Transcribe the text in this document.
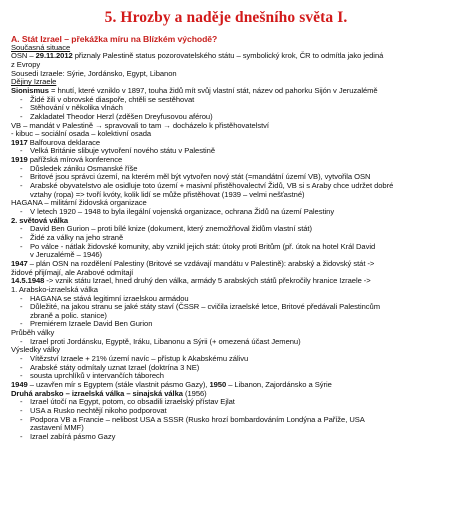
5. Hrozby a naděje dnešního světa I.
A. Stát Izrael – překážka míru na Blízkém východě?
Současná situace
OSN – 29.11.2012 přiznaly Palestině status pozorovatelského státu – symbolický krok, ČR to odmítla jako jediná
z Evropy
Sousedi Izraele: Sýrie, Jordánsko, Egypt, Libanon
Dějiny Izraele
Sionismus = hnutí, které vzniklo v 1897, touha židů mít svůj vlastní stát, název od pahorku Sijón v Jeruzalémě
- Židé žili v obrovské diaspoře, chtěli se sestěhovat
- Stěhování v několika vlnách
- Zakladatel Theodor Herzl (zděšen Dreyfusovou aférou)
VB – mandát v Palestině → spravovali to tam → docházelo k přistěhovatelství
- kibuc – sociální osada – kolektivní osada
1917 Balfourova deklarace
- Velká Británie slibuje vytvoření nového státu v Palestině
1919 pařížská mírová konference
- Důsledek zániku Osmanské říše
- Britové jsou správci území, na kterém měl být vytvořen nový stát (=mandátní území VB), vytvořila OSN
- Arabské obyvatelstvo ale osidluje toto území + masivní přistěhovalectví Židů, VB si s Araby chce udržet dobré
vztahy (ropa) => tvoří kvóty, kolik lidí se může přistěhovat (1939 – velmi nešťastné)
HAGANA – militární židovská organizace
- V letech 1920 – 1948 to byla ilegální vojenská organizace, ochrana Židů na území Palestiny
2. světová válka
- David Ben Gurion – proti bílé knize (dokument, který znemožňoval židům vlastní stát)
- Židé za války na jeho straně
- Po válce - nátlak židovské komunity, aby vznikl jejich stát: útoky proti Britům (př. útok na hotel Král David
v Jeruzalémě – 1946)
1947 – plán OSN na rozdělení Palestiny (Britové se vzdávají mandátu v Palestině): arabský a židovský stát ->
židové přijímají, ale Arabové odmítají
14.5.1948 -> vznik státu Izrael, hned druhý den válka, armády 5 arabských států překročily hranice Izraele ->
1. Arabsko-izraelská válka
- HAGANA se stává legitimní izraelskou armádou
- Důležité, na jakou stranu se jaké státy staví (ČSSR – cvičila izraelské letce, Britové předávali Palestincům
zbraně a polic. stanice)
- Premiérem Izraele David Ben Gurion
Průběh války
- Izrael proti Jordánsku, Egyptě, Iráku, Libanonu a Sýrii (+ omezená účast Jemenu)
Výsledky války
- Vítězství Izraele + 21% území navíc – přístup k Akabskému zálivu
- Arabské státy odmítaly uznat Izrael (doktrína 3 NE)
- sousta uprchlíků v intervančích táborech
1949 – uzavřen mír s Egyptem (stále vlastnit pásmo Gazy), 1950 – Libanon, Zajordánsko a Sýrie
Druhá arabsko – izraelská válka – sinajská válka (1956)
- Izrael útočí na Egypt, potom, co obsadili izraelský přístav Ejlat
- USA a Rusko nechtějí nikoho podporovat
- Podpora VB a Francie – nelibost USA a SSSR (Rusko hrozí bombardováním Londýna a Paříže, USA
zastavení MMF)
- Izrael zabírá pásmo Gazy
